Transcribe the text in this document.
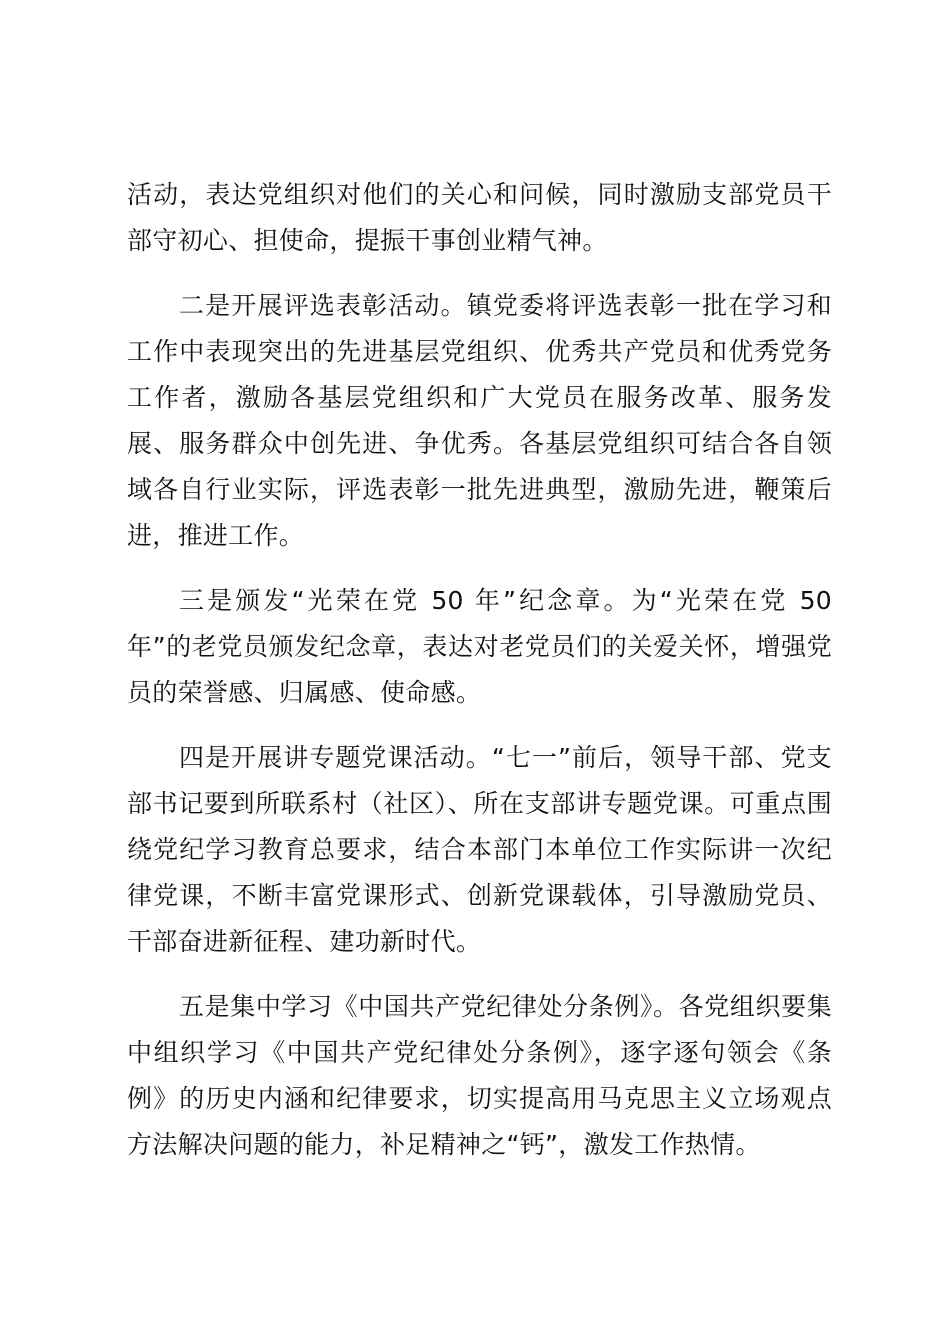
活动，表达党组织对他们的关心和问候，同时激励支部党员干部守初心、担使命，提振干事创业精气神。

二是开展评选表彰活动。镇党委将评选表彰一批在学习和工作中表现突出的先进基层党组织、优秀共产党员和优秀党务工作者，激励各基层党组织和广大党员在服务改革、服务发展、服务群众中创先进、争优秀。各基层党组织可结合各自领域各自行业实际，评选表彰一批先进典型，激励先进，鞭策后进，推进工作。

三是颁发“光荣在党 50 年”纪念章。为“光荣在党 50 年”的老党员颁发纪念章，表达对老党员们的关爱关怀，增强党员的荣誉感、归属感、使命感。

四是开展讲专题党课活动。“七一”前后，领导干部、党支部书记要到所联系村（社区）、所在支部讲专题党课。可重点围绕党纪学习教育总要求，结合本部门本单位工作实际讲一次纪律党课，不断丰富党课形式、创新党课载体，引导激励党员、干部奋进新征程、建功新时代。

五是集中学习《中国共产党纪律处分条例》。各党组织要集中组织学习《中国共产党纪律处分条例》，逐字逐句领会《条例》的历史内涵和纪律要求，切实提高用马克思主义立场观点方法解决问题的能力，补足精神之“钙”，激发工作热情。
